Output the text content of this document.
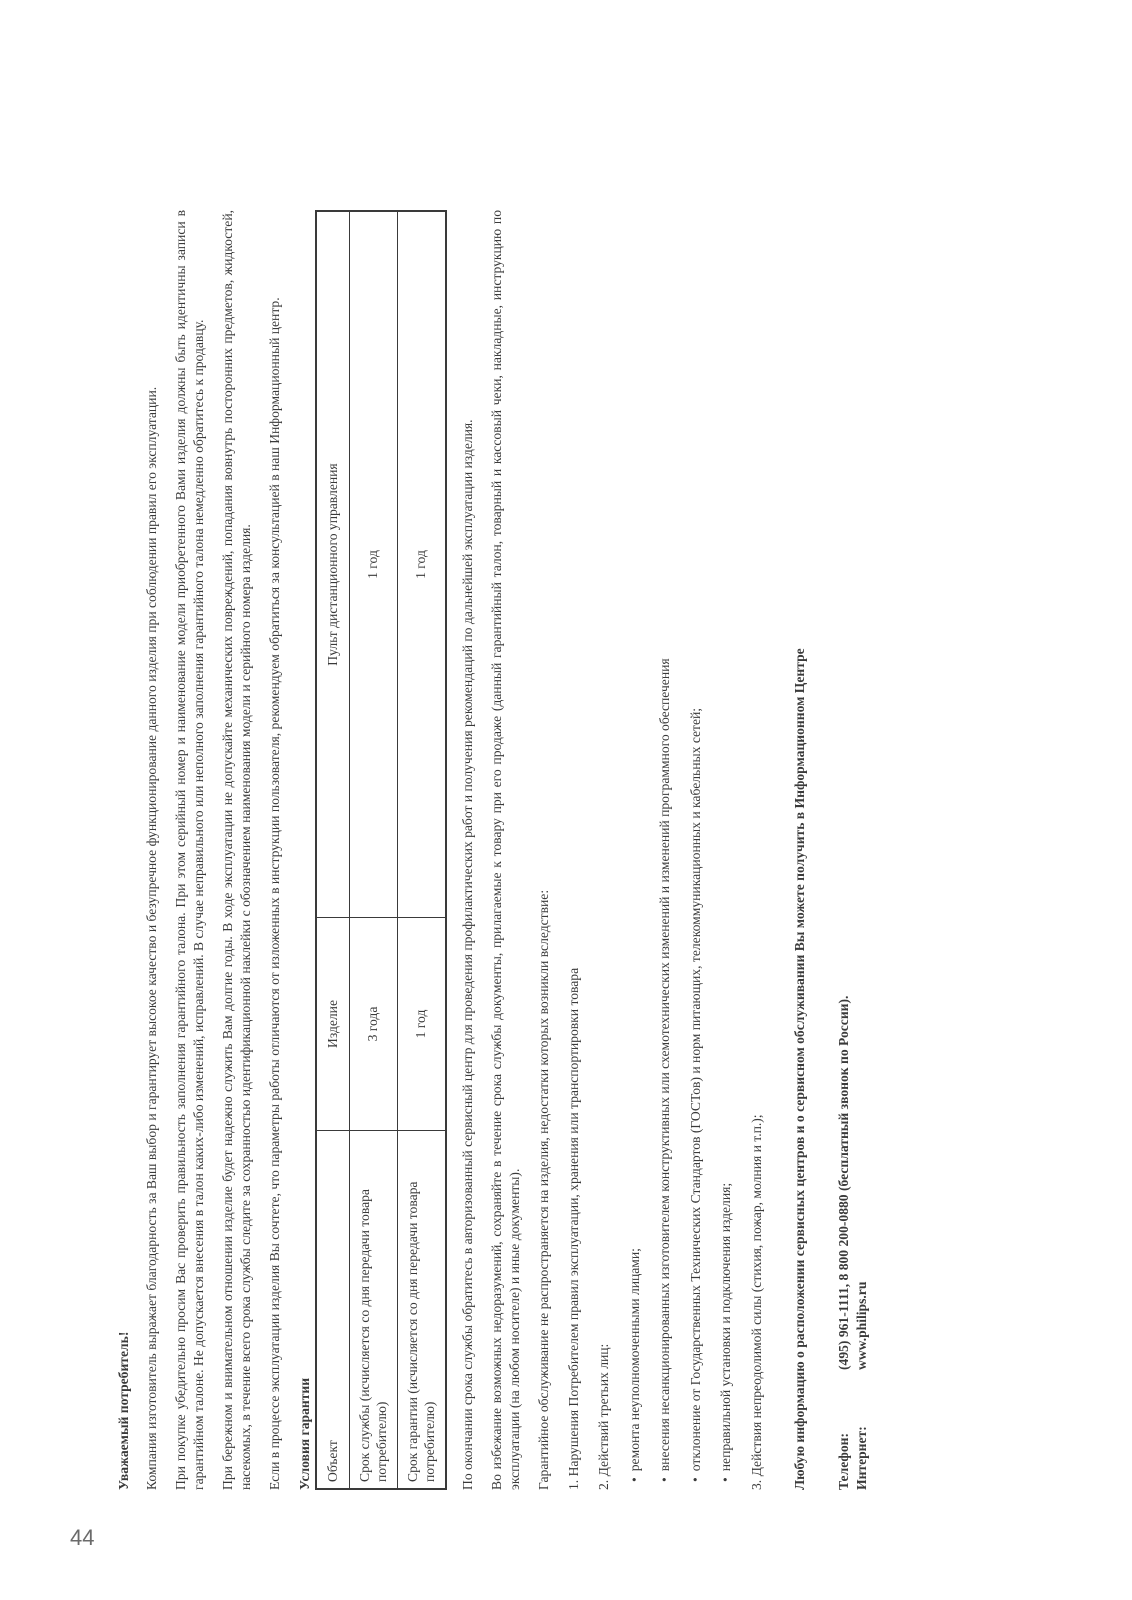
44

Уважаемый потребитель! Компания изготовитель выражает благодарность за Ваш выбор и гарантирует высокое качество и безупречное функционирование данного изделия при соблюдении правил его эксплуатации. При покупке убедительно просим Вас проверить правильность заполнения гарантийного талона. При этом серийный номер и наименование модели приобретенного Вами изделия должны быть идентичны записи в гарантийном талоне. Не допускается внесения в талон каких-либо изменений, исправлений. В случае неправильного или неполного заполнения гарантийного талона немедленно обратитесь к продавцу. При бережном и внимательном отношении изделие будет надежно служить Вам долгие годы. В ходе эксплуатации не допускайте механических повреждений, попадания вовнутрь посторонних предметов, жидкостей, насекомых, в течение всего срока службы следите за сохранностью идентификационной наклейки с обозначением наименования модели и серийного номера изделия. Если в процессе эксплуатации изделия Вы сочтете, что параметры работы отличаются от изложенных в инструкции пользователя, рекомендуем обратиться за консультацией в наш Информационный центр. Условия гарантии Объект	Изделие	Пульт дистанционного управления
Срок службы (исчисляется со дня передачи товара потребителю)	3 года	1 год
Срок гарантии (исчисляется со дня передачи товара потребителю)	1 год	1 год По окончании срока службы обратитесь в авторизованный сервисный центр для проведения профилактических работ и получения рекомендаций по дальнейшей эксплуатации изделия. Во избежание возможных недоразумений, сохраняйте в течение срока службы документы, прилагаемые к товару при его продаже (данный гарантийный талон, товарный и кассовый чеки, накладные, инструкцию по эксплуатации (на любом носителе) и иные документы). Гарантийное обслуживание не распространяется на изделия, недостатки которых возникли вследствие: 1. Нарушения Потребителем правил эксплуатации, хранения или транспортировки товара 2. Действий третьих лиц: •ремонта неуполномоченными лицами;

•внесения несанкционированных изготовителем конструктивных или схемотехнических изменений и изменений программного обеспечения

•отклонение от Государственных Технических Стандартов (ГОСТов) и норм питающих, телекоммуникационных и кабельных сетей;

•неправильной установки и подключения изделия; 3. Действия непреодолимой силы (стихия, пожар, молния и т.п.); Любую информацию о расположении сервисных центров и о сервисном обслуживании Вы можете получить в Информационном Центре Телефон:
(495) 961-1111, 8 800 200-0880 (бесплатный звонок по России).
Интернет:
www.philips.ru
